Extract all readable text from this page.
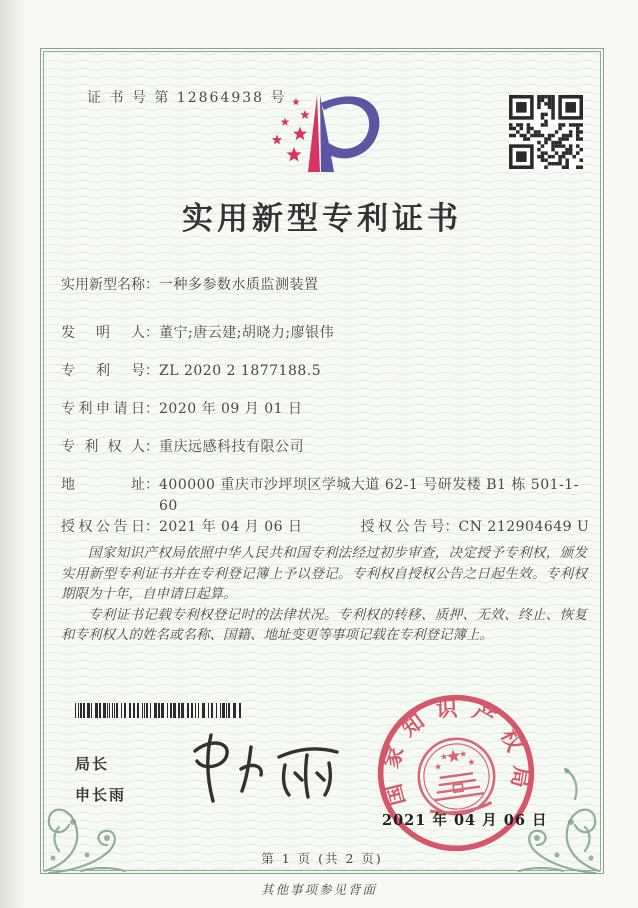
证 书 号 第 12864938 号
实用新型专利证书
实用新型名称 ： 一种多参数水质监测装置
发明人 ： 董宁;唐云建;胡晓力;廖银伟
专利号 ： ZL 2020 2 1877188.5
专利申请日 ： 2020 年 09 月 01 日
专利权人 ： 重庆远感科技有限公司
地址 ： 400000 重庆市沙坪坝区学城大道 62-1 号研发楼 B1 栋 501-1-60
授权公告日 ： 2021 年 04 月 06 日	授权公告号 ： CN 212904649 U

国家知识产权局依照中华人民共和国专利法经过初步审查，决定授予专利权，颁发实用新型专利证书并在专利登记簿上予以登记。专利权自授权公告之日起生效。专利权期限为十年，自申请日起算。

专利证书记载专利权登记时的法律状况。专利权的转移、质押、无效、终止、恢复和专利权人的姓名或名称、国籍、地址变更等事项记载在专利登记簿上。

局长
申长雨	国家知识产权局
2021 年 04 月 06 日
第 1 页 (共 2 页)
其他事项参见背面
